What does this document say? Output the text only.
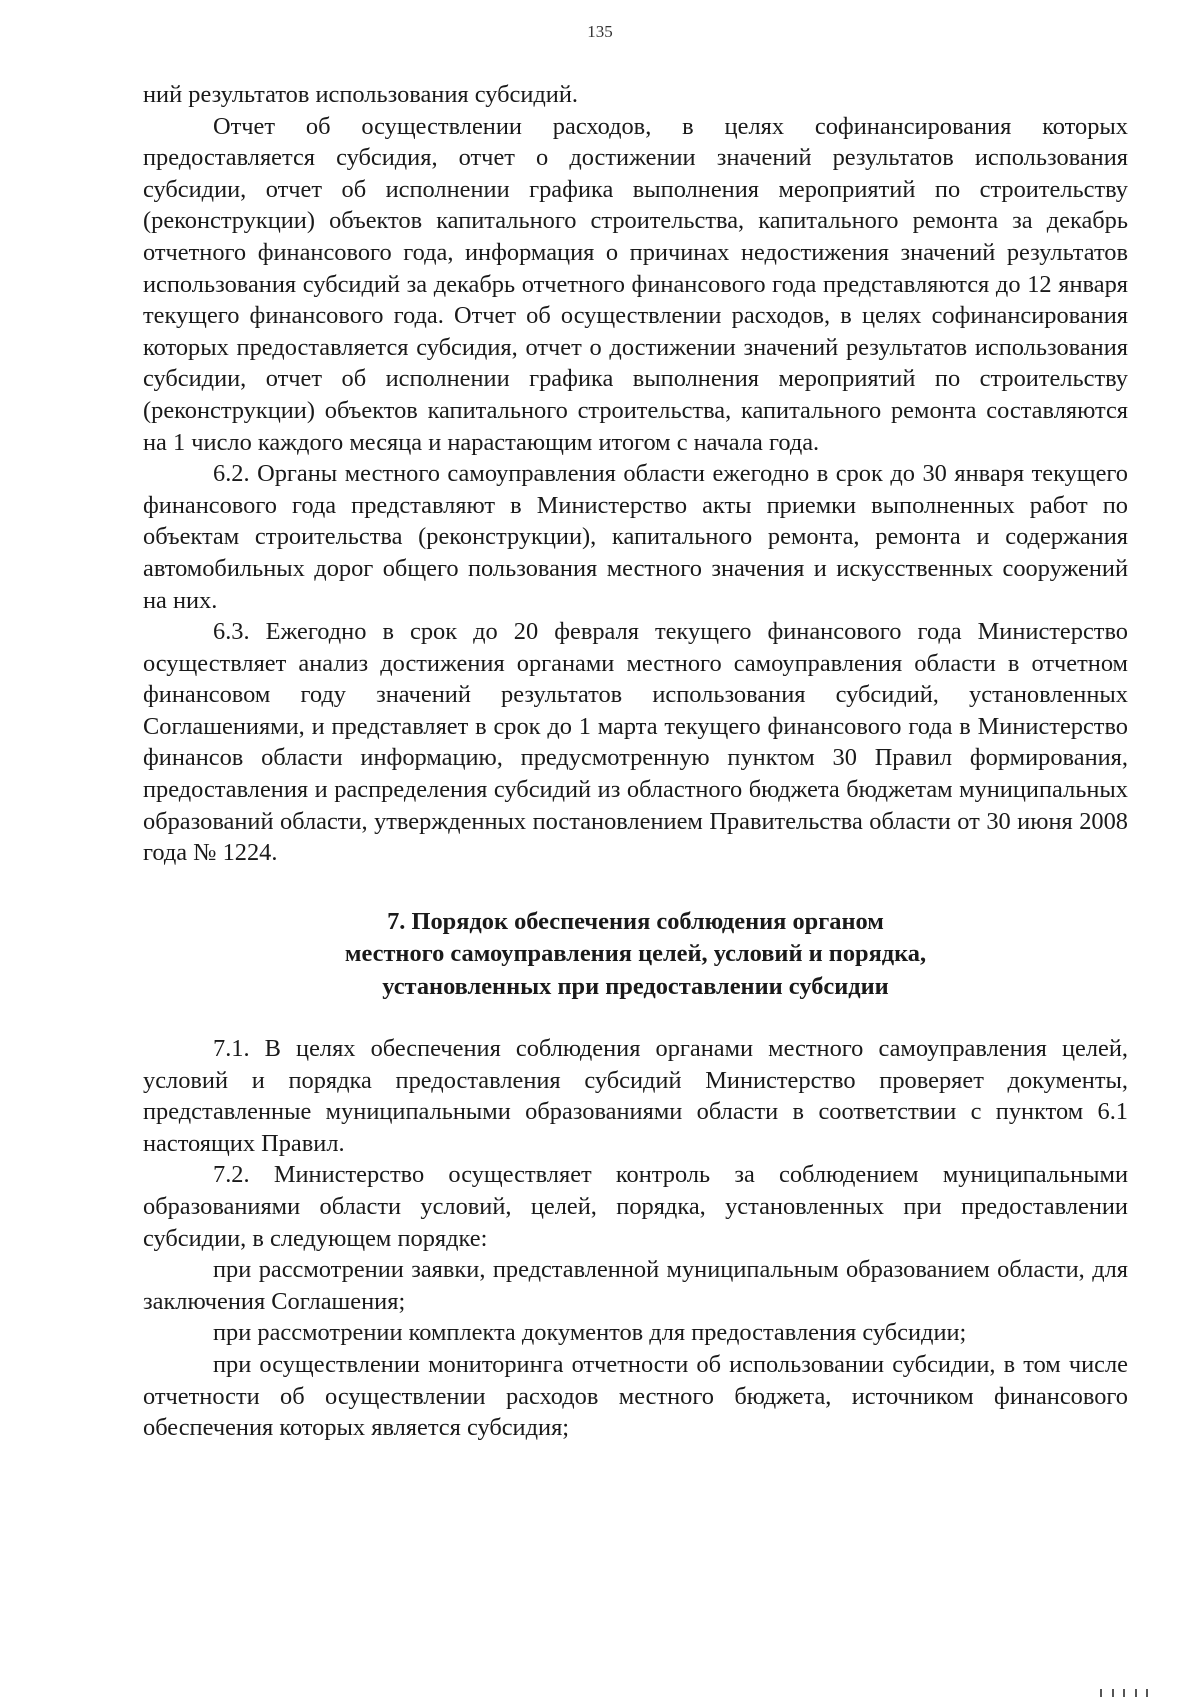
135

ний результатов использования субсидий.

Отчет об осуществлении расходов, в целях софинансирования которых предоставляется субсидия, отчет о достижении значений результатов использования субсидии, отчет об исполнении графика выполнения мероприятий по строительству (реконструкции) объектов капитального строительства, капитального ремонта за декабрь отчетного финансового года, информация о причинах недостижения значений результатов использования субсидий за декабрь отчетного финансового года представляются до 12 января текущего финансового года. Отчет об осуществлении расходов, в целях софинансирования которых предоставляется субсидия, отчет о достижении значений результатов использования субсидии, отчет об исполнении графика выполнения мероприятий по строительству (реконструкции) объектов капитального строительства, капитального ремонта составляются на 1 число каждого месяца и нарастающим итогом с начала года.

6.2. Органы местного самоуправления области ежегодно в срок до 30 января текущего финансового года представляют в Министерство акты приемки выполненных работ по объектам строительства (реконструкции), капитального ремонта, ремонта и содержания автомобильных дорог общего пользования местного значения и искусственных сооружений на них.

6.3. Ежегодно в срок до 20 февраля текущего финансового года Министерство осуществляет анализ достижения органами местного самоуправления области в отчетном финансовом году значений результатов использования субсидий, установленных Соглашениями, и представляет в срок до 1 марта текущего финансового года в Министерство финансов области информацию, предусмотренную пунктом 30 Правил формирования, предоставления и распределения субсидий из областного бюджета бюджетам муниципальных образований области, утвержденных постановлением Правительства области от 30 июня 2008 года № 1224.

7. Порядок обеспечения соблюдения органом
местного самоуправления целей, условий и порядка,
установленных при предоставлении субсидии

7.1. В целях обеспечения соблюдения органами местного самоуправления целей, условий и порядка предоставления субсидий Министерство проверяет документы, представленные муниципальными образованиями области в соответствии с пунктом 6.1 настоящих Правил.

7.2. Министерство осуществляет контроль за соблюдением муниципальными образованиями области условий, целей, порядка, установленных при предоставлении субсидии, в следующем порядке:

при рассмотрении заявки, представленной муниципальным образованием области, для заключения Соглашения;

при рассмотрении комплекта документов для предоставления субсидии;

при осуществлении мониторинга отчетности об использовании субсидии, в том числе отчетности об осуществлении расходов местного бюджета, источником финансового обеспечения которых является субсидия;
